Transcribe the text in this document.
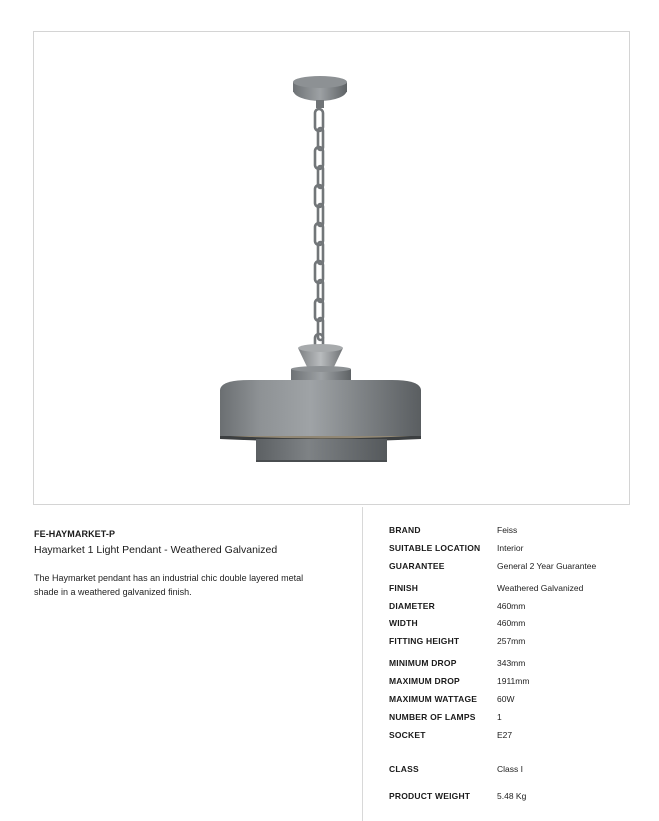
FE-HAYMARKET-P

Haymarket 1 Light Pendant - Weathered Galvanized

The Haymarket pendant has an industrial chic double layered metal shade in a weathered galvanized finish.

BRAND	Feiss
SUITABLE LOCATION Interior
GUARANTEE	General 2 Year Guarantee
FINISH	Weathered Galvanized
DIAMETER	460mm
WIDTH	460mm
FITTING HEIGHT	257mm
MINIMUM DROP	343mm
MAXIMUM DROP	1911mm
MAXIMUM WATTAGE 60W
NUMBER OF LAMPS	1
SOCKET	E27
CLASS	Class I
PRODUCT WEIGHT	5.48 Kg
